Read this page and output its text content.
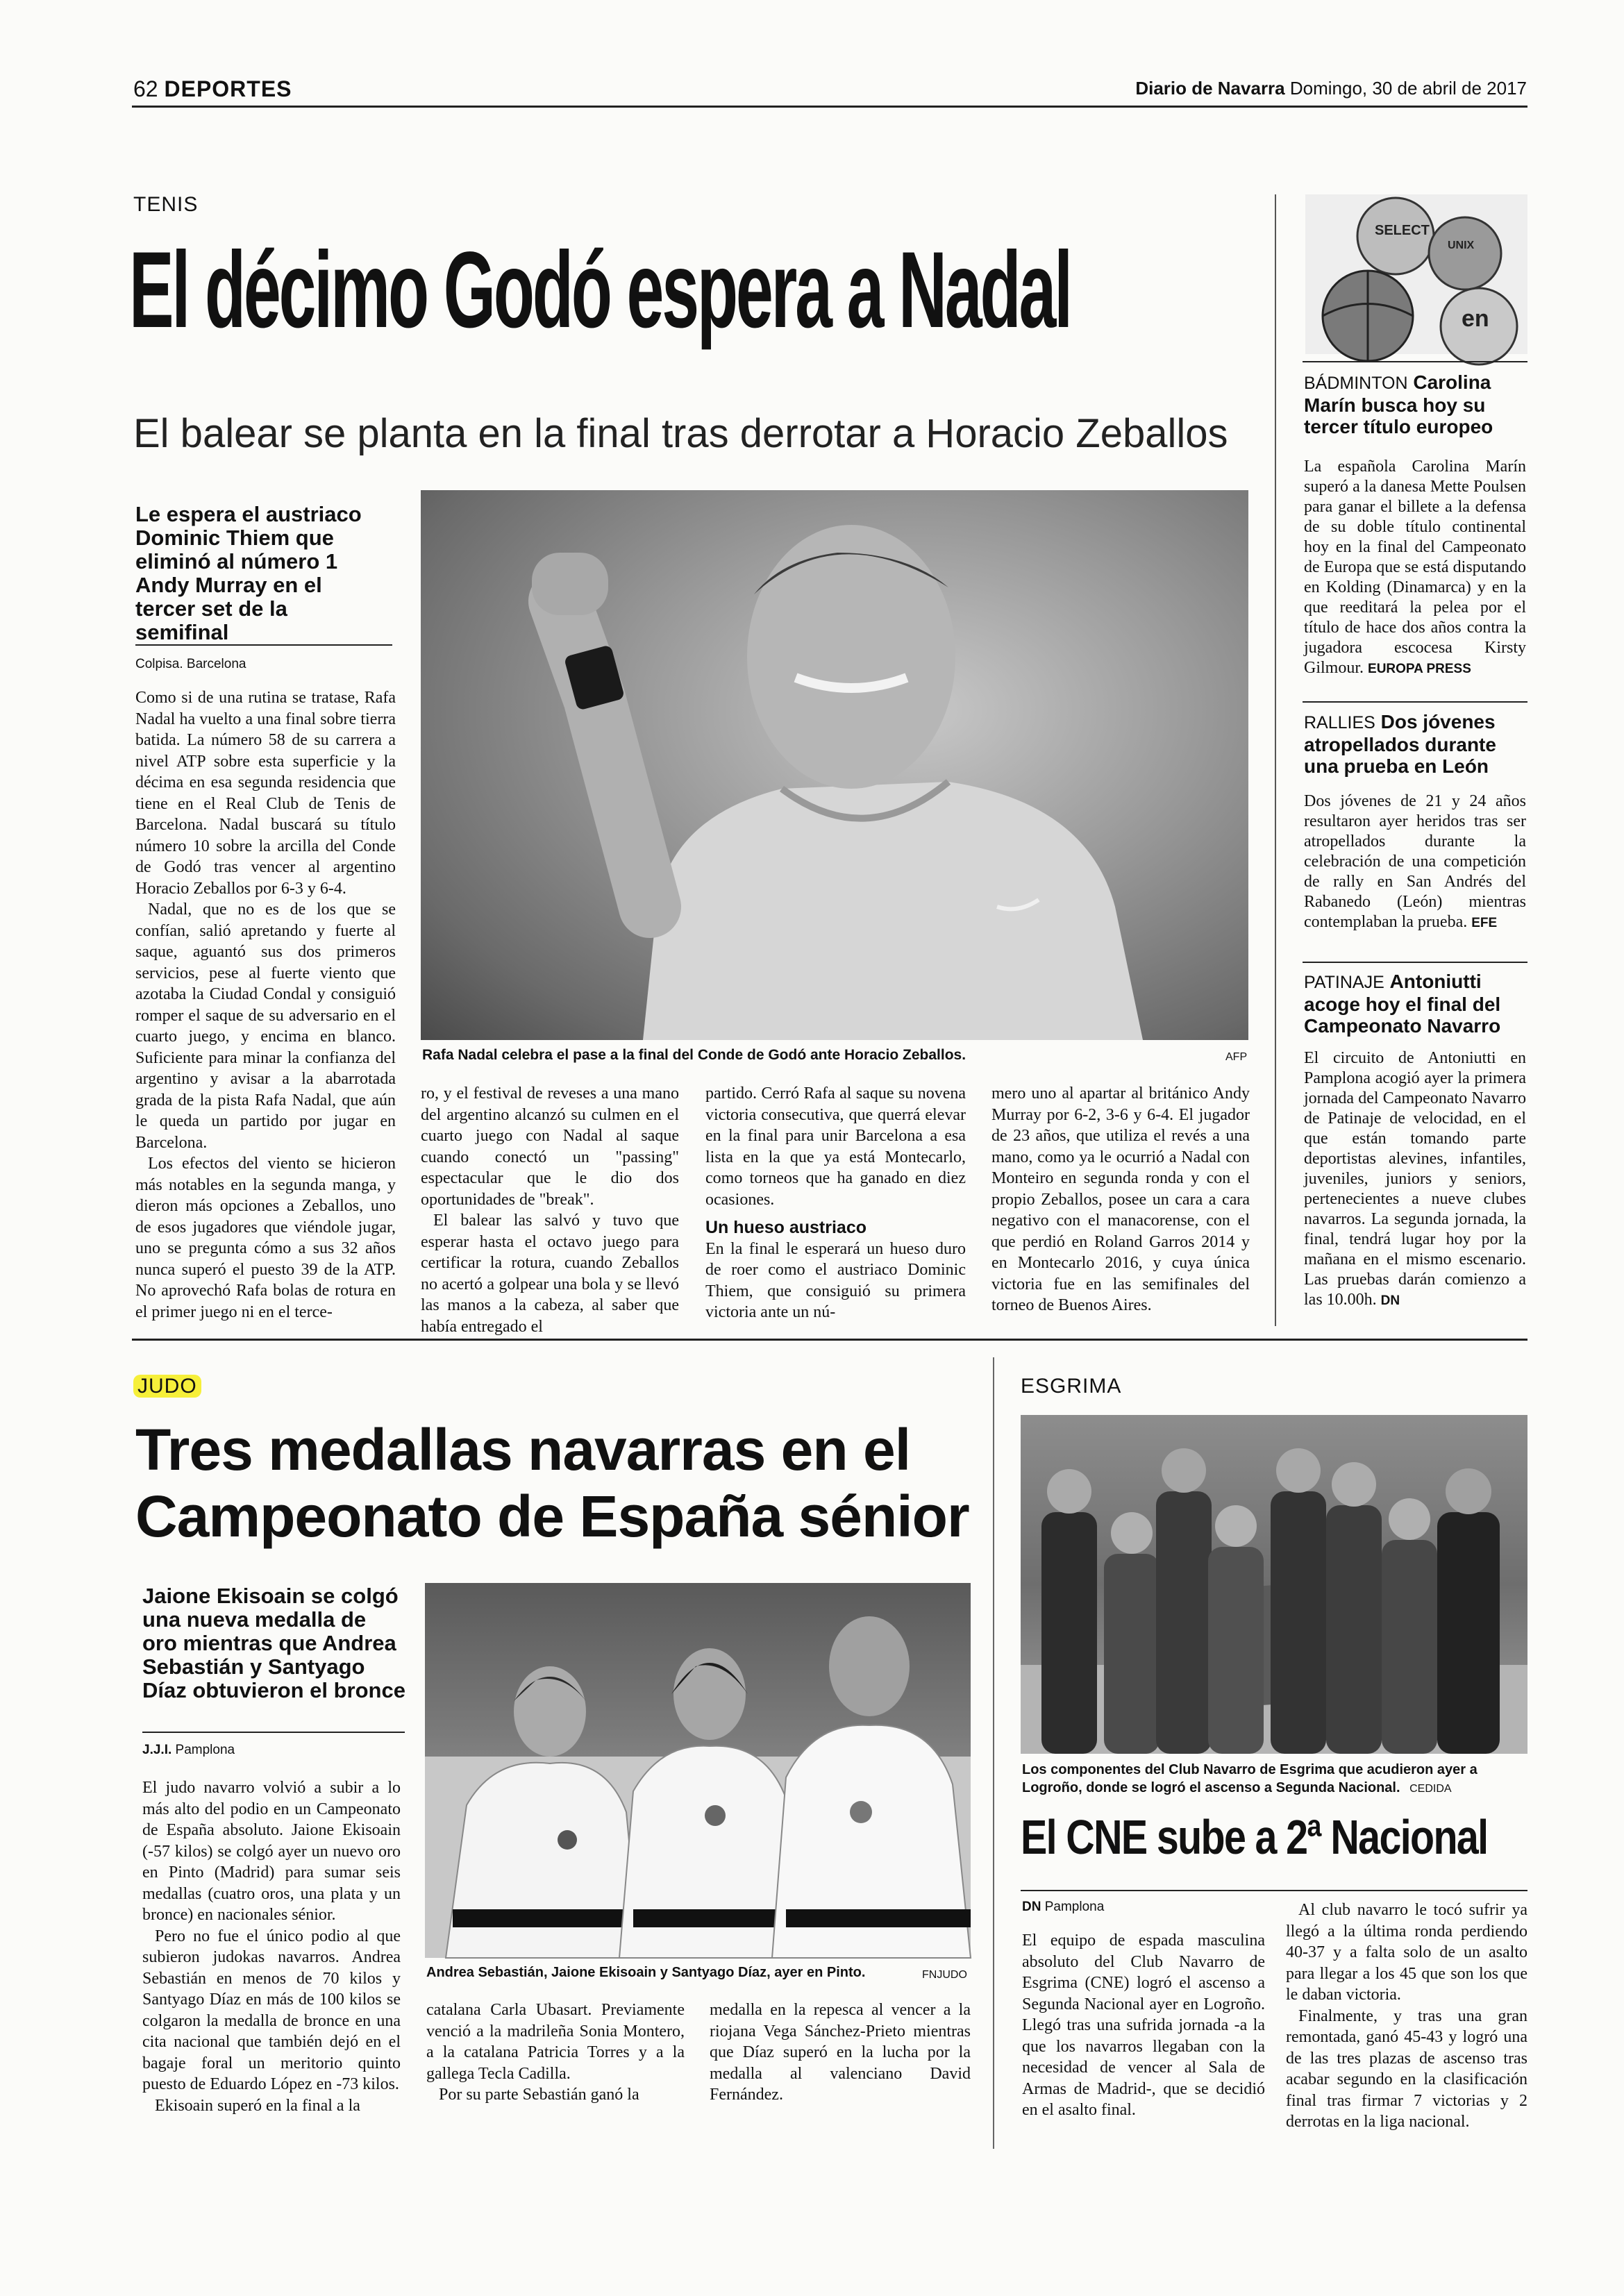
62 DEPORTES	Diario de Navarra Domingo, 30 de abril de 2017
TENIS
El décimo Godó espera a Nadal
El balear se planta en la final tras derrotar a Horacio Zeballos
Le espera el austriaco Dominic Thiem que eliminó al número 1 Andy Murray en el tercer set de la semifinal
Colpisa. Barcelona
Rafa Nadal celebra el pase a la final del Conde de Godó ante Horacio Zeballos.	AFP

Como si de una rutina se tratase, Rafa Nadal ha vuelto a una final sobre tierra batida. La número 58 de su carrera a nivel ATP sobre esta superficie y la décima en esa segunda residencia que tiene en el Real Club de Tenis de Barcelona. Nadal buscará su título número 10 sobre la arcilla del Conde de Godó tras vencer al argentino Horacio Zeballos por 6-3 y 6-4.

Nadal, que no es de los que se confían, salió apretando y fuerte al saque, aguantó sus dos primeros servicios, pese al fuerte viento que azotaba la Ciudad Condal y consiguió romper el saque de su adversario en el cuarto juego, y encima en blanco. Suficiente para minar la confianza del argentino y avisar a la abarrotada grada de la pista Rafa Nadal, que aún le queda un partido por jugar en Barcelona.

Los efectos del viento se hicieron más notables en la segunda manga, y dieron más opciones a Zeballos, uno de esos jugadores que viéndole jugar, uno se pregunta cómo a sus 32 años nunca superó el puesto 39 de la ATP. No aprovechó Rafa bolas de rotura en el primer juego ni en el terce-

ro, y el festival de reveses a una mano del argentino alcanzó su culmen en el cuarto juego con Nadal al saque cuando conectó un "passing" espectacular que le dio dos oportunidades de "break".

El balear las salvó y tuvo que esperar hasta el octavo juego para certificar la rotura, cuando Zeballos no acertó a golpear una bola y se llevó las manos a la cabeza, al saber que había entregado el

partido. Cerró Rafa al saque su novena victoria consecutiva, que querrá elevar en la final para unir Barcelona a esa lista en la que ya está Montecarlo, como torneos que ha ganado en diez ocasiones.

Un hueso austriaco

En la final le esperará un hueso duro de roer como el austriaco Dominic Thiem, que consiguió su primera victoria ante un nú-

mero uno al apartar al británico Andy Murray por 6-2, 3-6 y 6-4. El jugador de 23 años, que utiliza el revés a una mano, como ya le ocurrió a Nadal con Monteiro en segunda ronda y con el propio Zeballos, posee un cara a cara negativo con el manacorense, con el que perdió en Roland Garros 2014 y en Montecarlo 2016, y cuya única victoria fue en las semifinales del torneo de Buenos Aires.

SELECT
UNIX
en
BÁDMINTON Carolina Marín busca hoy su tercer título europeo
La española Carolina Marín superó a la danesa Mette Poulsen para ganar el billete a la defensa de su doble título continental hoy en la final del Campeonato de Europa que se está disputando en Kolding (Dinamarca) y en la que reeditará la pelea por el título de hace dos años contra la jugadora escocesa Kirsty Gilmour. EUROPA PRESS
RALLIES Dos jóvenes atropellados durante una prueba en León
Dos jóvenes de 21 y 24 años resultaron ayer heridos tras ser atropellados durante la celebración de una competición de rally en San Andrés del Rabanedo (León) mientras contemplaban la prueba. EFE
PATINAJE Antoniutti acoge hoy el final del Campeonato Navarro
El circuito de Antoniutti en Pamplona acogió ayer la primera jornada del Campeonato Navarro de Patinaje de velocidad, en el que están tomando parte deportistas alevines, infantiles, juveniles, juniors y seniors, pertenecientes a nueve clubes navarros. La segunda jornada, la final, tendrá lugar hoy por la mañana en el mismo escenario. Las pruebas darán comienzo a las 10.00h. DN
JUDO
Tres medallas navarras en el
Campeonato de España sénior
Jaione Ekisoain se colgó una nueva medalla de oro mientras que Andrea Sebastián y Santyago Díaz obtuvieron el bronce
J.J.I. Pamplona
Andrea Sebastián, Jaione Ekisoain y Santyago Díaz, ayer en Pinto.	FNJUDO

El judo navarro volvió a subir a lo más alto del podio en un Campeonato de España absoluto. Jaione Ekisoain (-57 kilos) se colgó ayer un nuevo oro en Pinto (Madrid) para sumar seis medallas (cuatro oros, una plata y un bronce) en nacionales sénior.

Pero no fue el único podio al que subieron judokas navarros. Andrea Sebastián en menos de 70 kilos y Santyago Díaz en más de 100 kilos se colgaron la medalla de bronce en una cita nacional que también dejó en el bagaje foral un meritorio quinto puesto de Eduardo López en -73 kilos.

Ekisoain superó en la final a la

catalana Carla Ubasart. Previamente venció a la madrileña Sonia Montero, a la catalana Patricia Torres y a la gallega Tecla Cadilla.

Por su parte Sebastián ganó la

medalla en la repesca al vencer a la riojana Vega Sánchez-Prieto mientras que Díaz superó en la lucha por la medalla al valenciano David Fernández.

ESGRIMA
Los componentes del Club Navarro de Esgrima que acudieron ayer a Logroño, donde se logró el ascenso a Segunda Nacional. CEDIDA
El CNE sube a 2ª Nacional
DN Pamplona

El equipo de espada masculina absoluto del Club Navarro de Esgrima (CNE) logró el ascenso a Segunda Nacional ayer en Logroño. Llegó tras una sufrida jornada -a la que los navarros llegaban con la necesidad de vencer al Sala de Armas de Madrid-, que se decidió en el asalto final.

Al club navarro le tocó sufrir ya llegó a la última ronda perdiendo 40-37 y a falta solo de un asalto para llegar a los 45 que son los que le daban victoria.

Finalmente, y tras una gran remontada, ganó 45-43 y logró una de las tres plazas de ascenso tras acabar segundo en la clasificación final tras firmar 7 victorias y 2 derrotas en la liga nacional.
